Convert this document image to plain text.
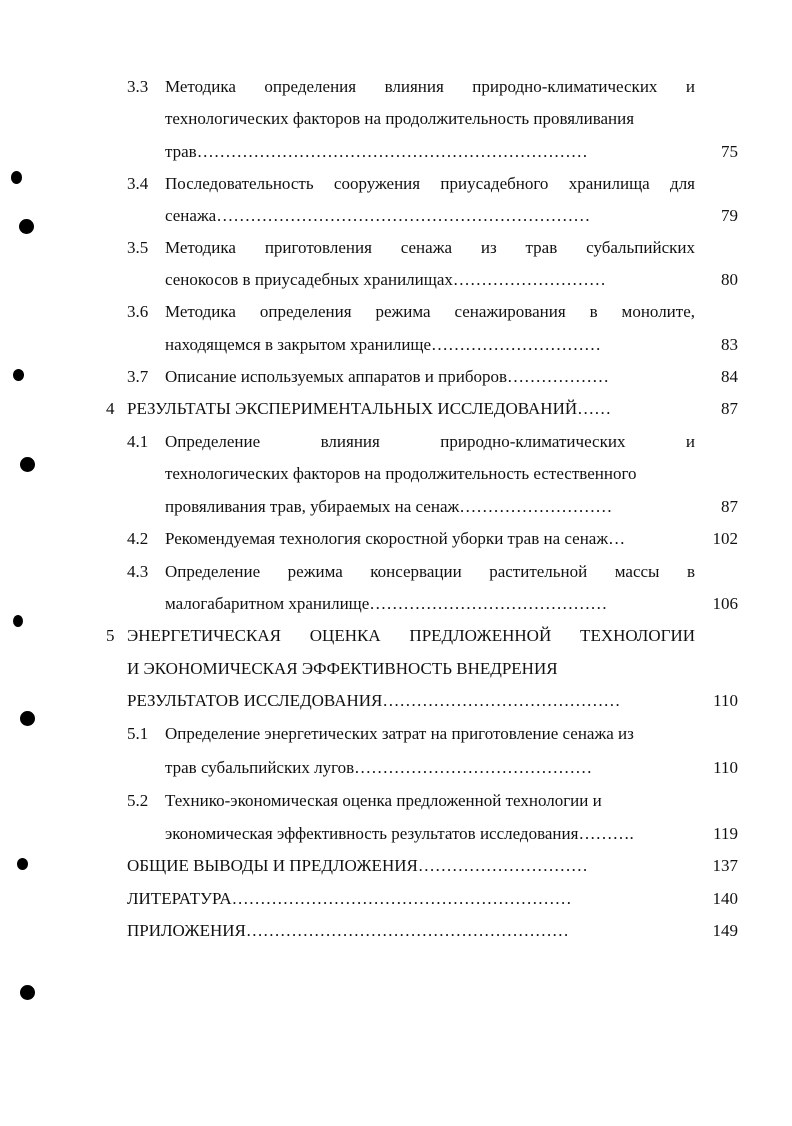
3.3 Методика определения влияния природно-климатических и
технологических факторов на продолжительность провяливания
трав……………………………………………………………	75
3.4 Последовательность сооружения приусадебного хранилища для
сенажа…………………………………………………………	79
3.5 Методика приготовления сенажа из трав субальпийских
сенокосов в приусадебных хранилищах………………………	80
3.6 Методика определения режима сенажирования в монолите,
находящемся в закрытом хранилище…………………………	83
3.7 Описание используемых аппаратов и приборов………………	84
4 РЕЗУЛЬТАТЫ ЭКСПЕРИМЕНТАЛЬНЫХ ИССЛЕДОВАНИЙ……	87
4.1 Определение влияния природно-климатических и
технологических факторов на продолжительность естественного
провяливания трав, убираемых на сенаж………………………	87
4.2 Рекомендуемая технология скоростной уборки трав на сенаж…	102
4.3 Определение режима консервации растительной массы в
малогабаритном хранилище……………………………………	106
5 ЭНЕРГЕТИЧЕСКАЯ ОЦЕНКА ПРЕДЛОЖЕННОЙ ТЕХНОЛОГИИ
И ЭКОНОМИЧЕСКАЯ ЭФФЕКТИВНОСТЬ ВНЕДРЕНИЯ
РЕЗУЛЬТАТОВ ИССЛЕДОВАНИЯ……………………………………	110
5.1 Определение энергетических затрат на приготовление сенажа из
трав субальпийских лугов……………………………………	110
5.2 Технико-экономическая оценка предложенной технологии и
экономическая эффективность результатов исследования……….	119
ОБЩИЕ ВЫВОДЫ И ПРЕДЛОЖЕНИЯ…………………………	137
ЛИТЕРАТУРА……………………………………………………	140
ПРИЛОЖЕНИЯ…………………………………………………	149
